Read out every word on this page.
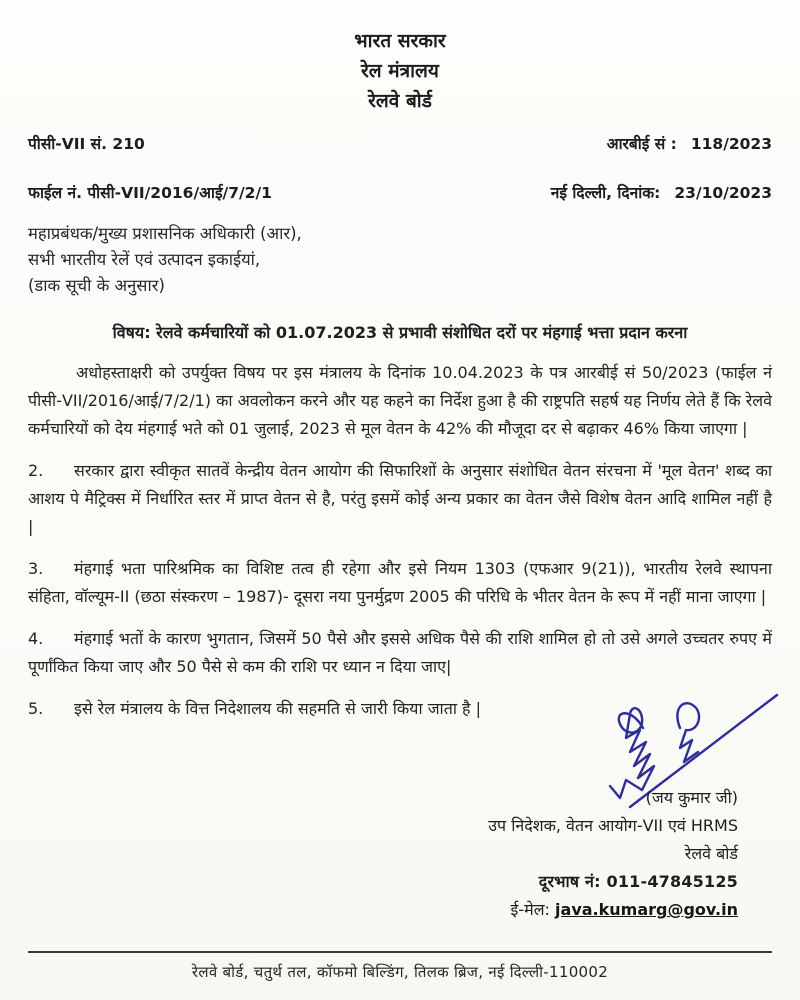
भारत सरकार
रेल मंत्रालय
रेलवे बोर्ड
पीसी-VII सं. 210	आरबीई सं : 118/2023
फाईल नं. पीसी-VII/2016/आई/7/2/1	नई दिल्ली, दिनांक: 23/10/2023
महाप्रबंधक/मुख्य प्रशासनिक अधिकारी (आर),
सभी भारतीय रेलें एवं उत्पादन इकाईयां,
(डाक सूची के अनुसार)
विषय: रेलवे कर्मचारियों को 01.07.2023 से प्रभावी संशोधित दरों पर मंहगाई भत्ता प्रदान करना

अधोहस्ताक्षरी को उपर्युक्त विषय पर इस मंत्रालय के दिनांक 10.04.2023 के पत्र आरबीई सं 50/2023 (फाईल नं पीसी-VII/2016/आई/7/2/1) का अवलोकन करने और यह कहने का निर्देश हुआ है की राष्ट्रपति सहर्ष यह निर्णय लेते हैं कि रेलवे कर्मचारियों को देय मंहगाई भते को 01 जुलाई, 2023 से मूल वेतन के 42% की मौजूदा दर से बढ़ाकर 46% किया जाएगा |

2. सरकार द्वारा स्वीकृत सातवें केन्द्रीय वेतन आयोग की सिफारिशों के अनुसार संशोधित वेतन संरचना में 'मूल वेतन' शब्द का आशय पे मैट्रिक्स में निर्धारित स्तर में प्राप्त वेतन से है, परंतु इसमें कोई अन्य प्रकार का वेतन जैसे विशेष वेतन आदि शामिल नहीं है |

3. मंहगाई भता पारिश्रमिक का विशिष्ट तत्व ही रहेगा और इसे नियम 1303 (एफआर 9(21)), भारतीय रेलवे स्थापना संहिता, वॉल्यूम-II (छठा संस्करण – 1987)- दूसरा नया पुनर्मुद्रण 2005 की परिधि के भीतर वेतन के रूप में नहीं माना जाएगा |

4. मंहगाई भतों के कारण भुगतान, जिसमें 50 पैसे और इससे अधिक पैसे की राशि शामिल हो तो उसे अगले उच्चतर रुपए में पूर्णांकित किया जाए और 50 पैसे से कम की राशि पर ध्यान न दिया जाए|

5. इसे रेल मंत्रालय के वित्त निदेशालय की सहमति से जारी किया जाता है |

(जय कुमार जी)
उप निदेशक, वेतन आयोग-VII एवं HRMS
रेलवे बोर्ड
दूरभाष नं: 011-47845125
ई-मेल: java.kumarg@gov.in
रेलवे बोर्ड, चतुर्थ तल, कॉफमो बिल्डिंग, तिलक ब्रिज, नई दिल्ली-110002
